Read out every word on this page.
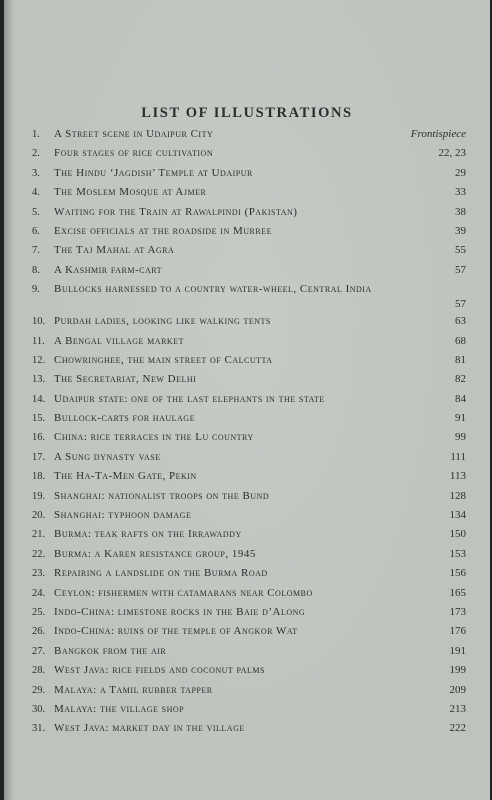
LIST OF ILLUSTRATIONS
1.	A Street scene in Udaipur City	Frontispiece
2.	Four stages of rice cultivation	22, 23
3.	The Hindu ‘Jagdish’ Temple at Udaipur	29
4.	The Moslem Mosque at Ajmer	33
5.	Waiting for the Train at Rawalpindi (Pakistan)	38
6.	Excise officials at the roadside in Murree	39
7.	The Taj Mahal at Agra	55
8.	A Kashmir farm-cart	57
9.	Bullocks harnessed to a country water-wheel, Central India
57
10. Purdah ladies, looking like walking tents	63
11. A Bengal village market	68
12. Chowringhee, the main street of Calcutta	81
13. The Secretariat, New Delhi	82
14. Udaipur state: one of the last elephants in the state	84
15. Bullock-carts for haulage	91
16. China: rice terraces in the Lu country	99
17. A Sung dynasty vase	111
18. The Ha-Ta-Men Gate, Pekin	113
19. Shanghai: nationalist troops on the Bund	128
20. Shanghai: typhoon damage	134
21. Burma: teak rafts on the Irrawaddy	150
22. Burma: a Karen resistance group, 1945	153
23. Repairing a landslide on the Burma Road	156
24. Ceylon: fishermen with catamarans near Colombo	165
25. Indo-China: limestone rocks in the Baie d’Along	173
26. Indo-China: ruins of the temple of Angkor Wat	176
27. Bangkok from the air	191
28. West Java: rice fields and coconut palms	199
29. Malaya: a Tamil rubber tapper	209
30. Malaya: the village shop	213
31. West Java: market day in the village	222
